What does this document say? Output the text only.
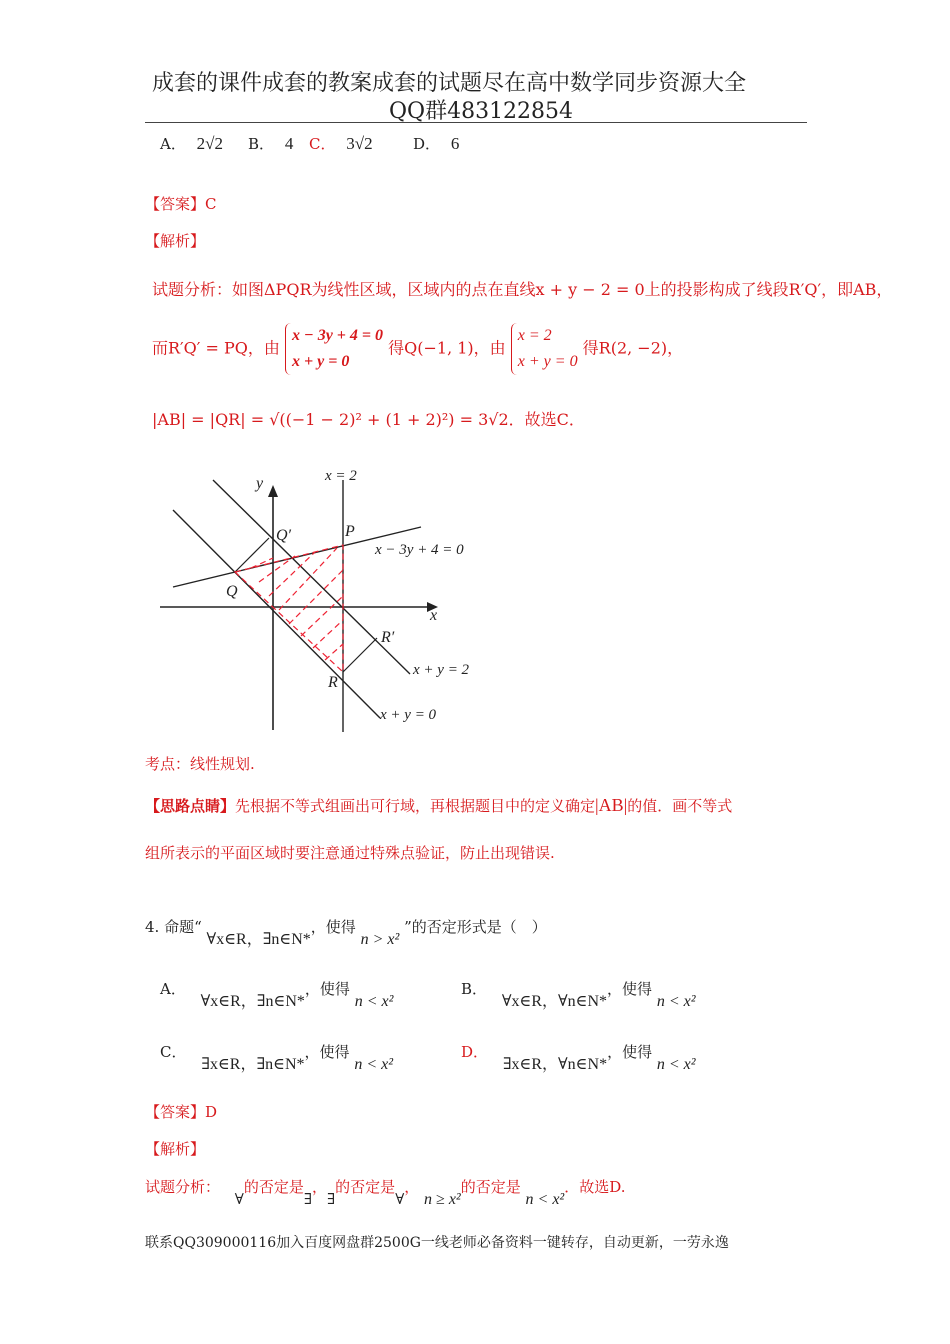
成套的课件成套的教案成套的试题尽在高中数学同步资源大全
QQ群483122854
A． 2√2 B． 4 C． 3√2	D． 6
【答案】C
【解析】
试题分析：如图ΔPQR为线性区域，区域内的点在直线x + y − 2 = 0上的投影构成了线段R′Q′，即AB，
而R′Q′ = PQ，由 x − 3y + 4 = 0
x + y = 0 得Q(−1, 1)，由 x = 2
x + y = 0 得R(2, −2)，
|AB| = |QR| = √((−1 − 2)² + (1 + 2)²) = 3√2．故选C．
y
x
x = 2
P
Q′
Q
x − 3y + 4 = 0
R′
x + y = 2
R
x + y = 0
考点：线性规划.
【思路点睛】先根据不等式组画出可行域，再根据题目中的定义确定|AB|的值．画不等式
组所表示的平面区域时要注意通过特殊点验证，防止出现错误.
4. 命题“ ∀x∈R，∃n∈N*，使得 n > x² ”的否定形式是（　）
A． ∀x∈R，∃n∈N*，使得 n < x²
B． ∀x∈R，∀n∈N*，使得 n < x²
C． ∃x∈R，∃n∈N*，使得 n < x²
D． ∃x∈R，∀n∈N*，使得 n < x²
【答案】D
【解析】
试题分析： ∀的否定是∃，∃的否定是∀， n ≥ x²的否定是 n < x²．故选D.
联系QQ309000116加入百度网盘群2500G一线老师必备资料一键转存，自动更新，一劳永逸
